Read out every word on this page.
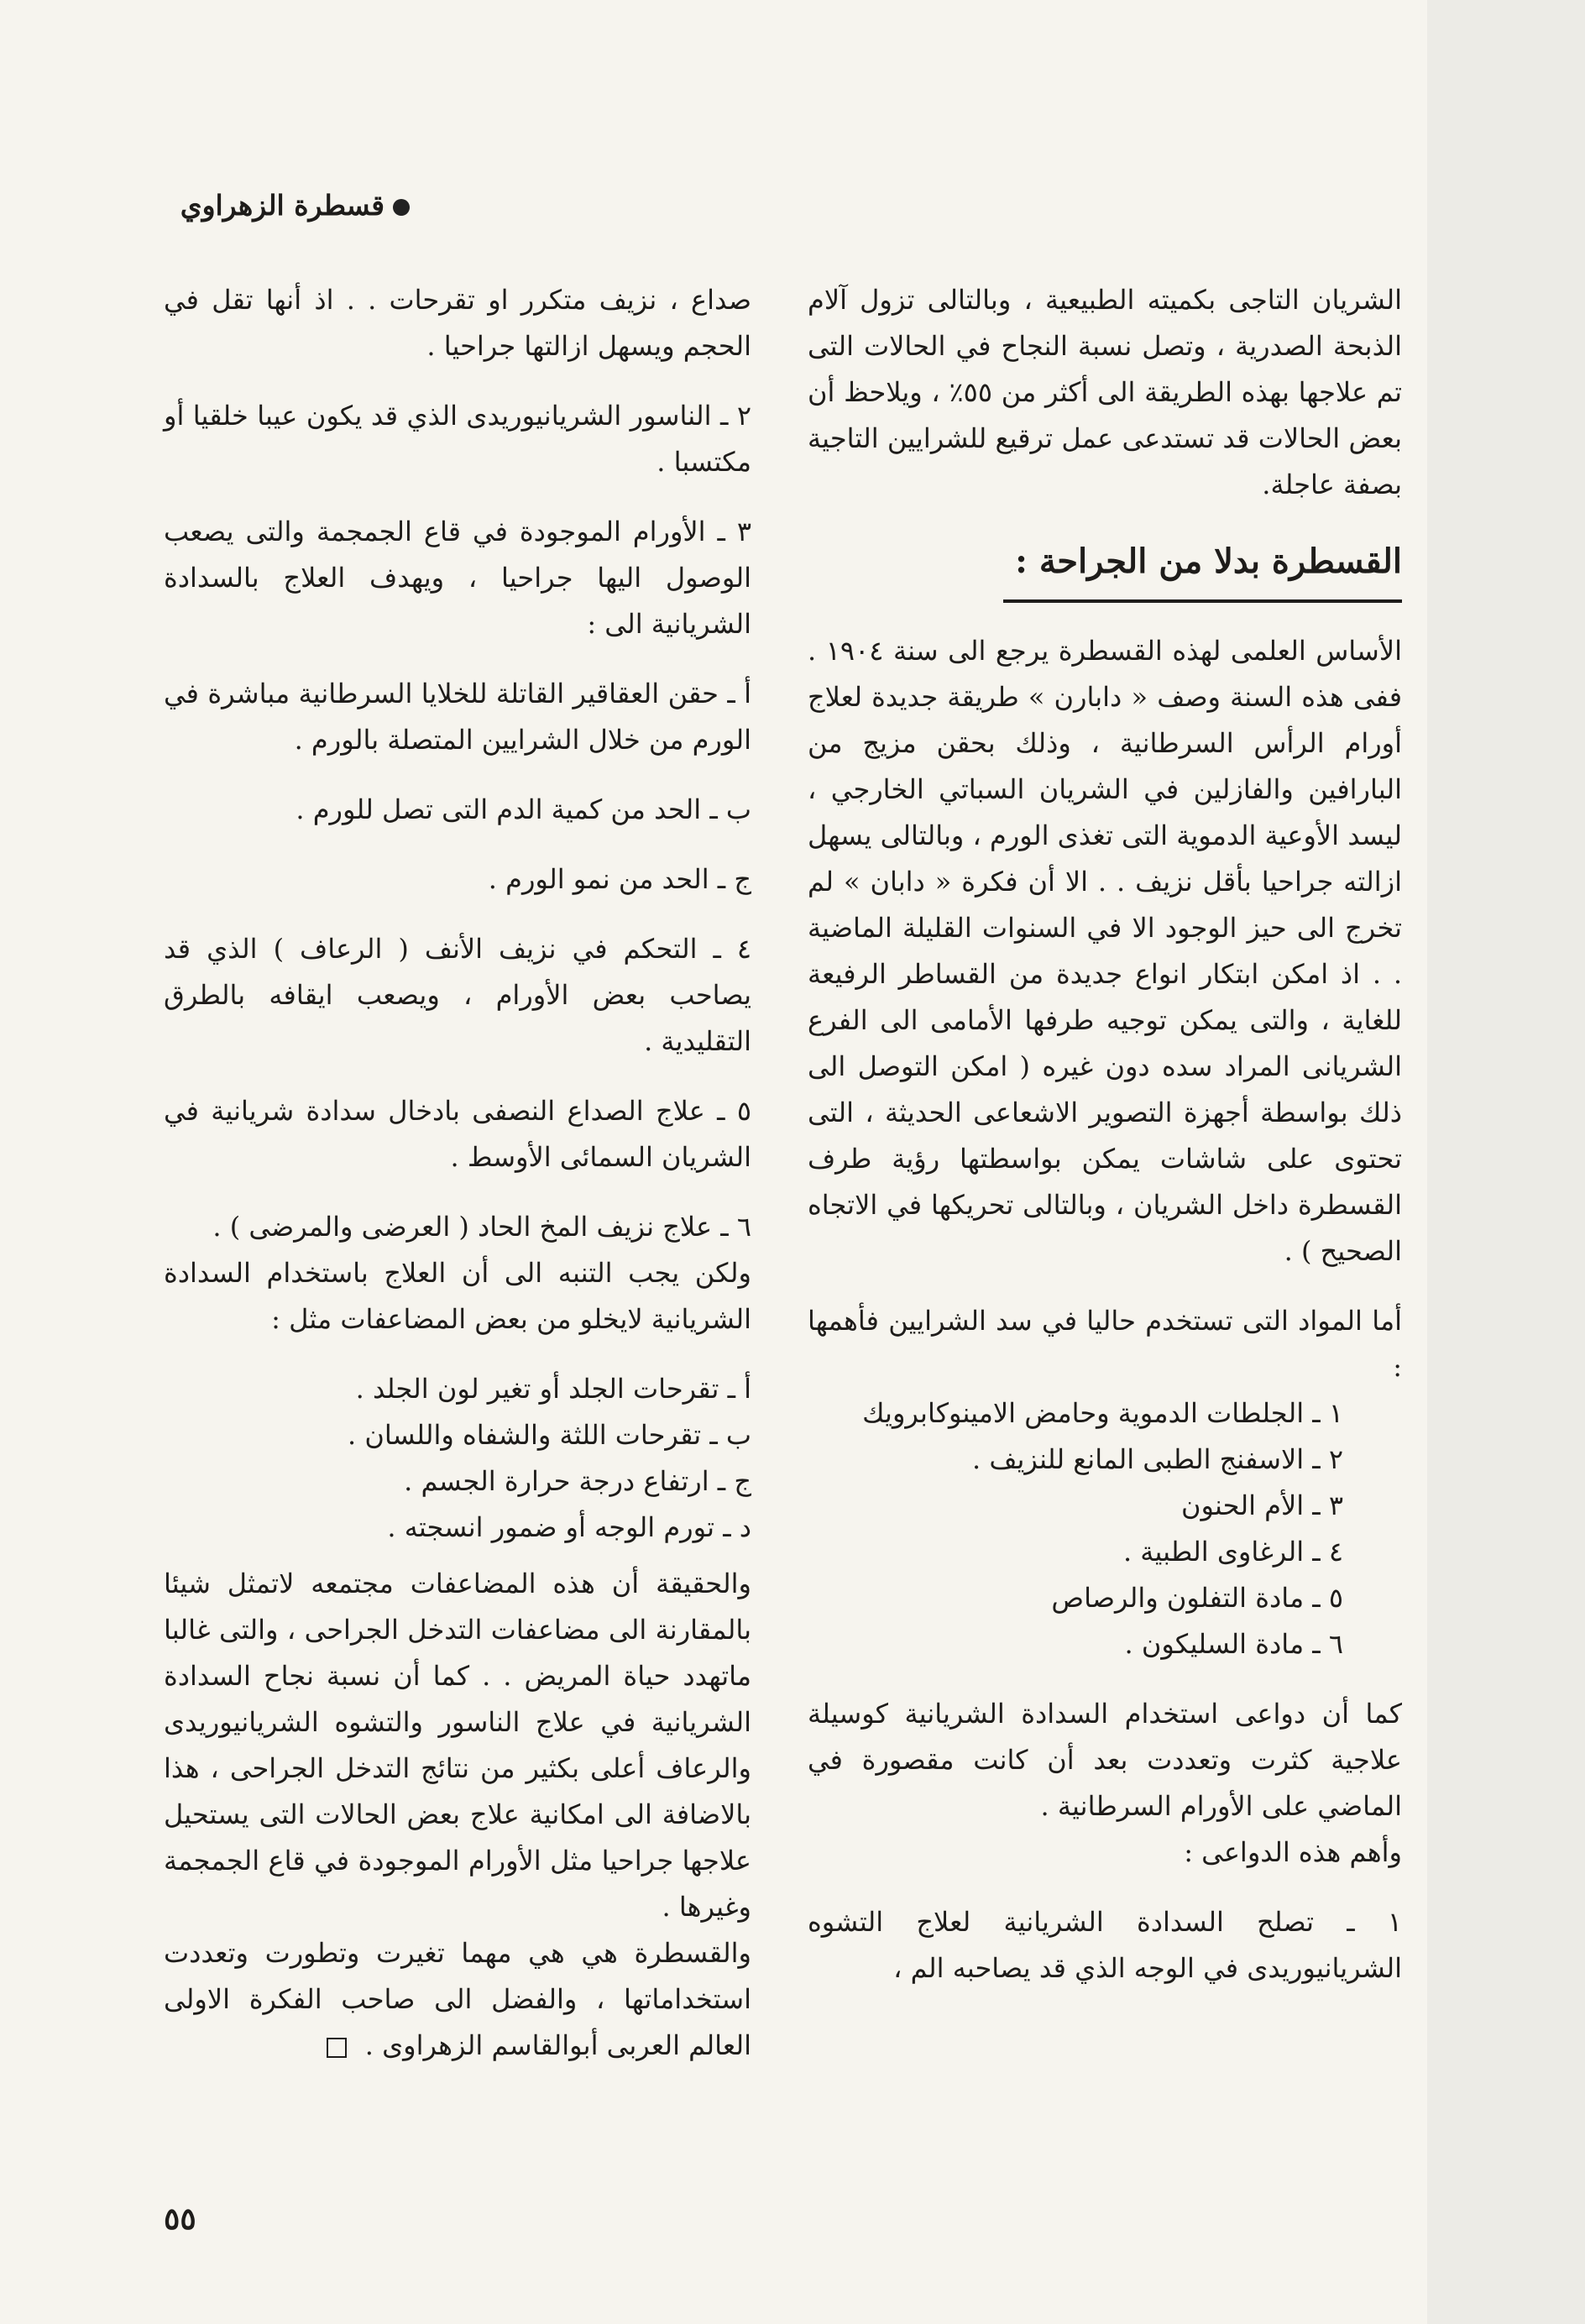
قسطرة الزهراوي

الشريان التاجى بكميته الطبيعية ، وبالتالى تزول آلام الذبحة الصدرية ، وتصل نسبة النجاح في الحالات التى تم علاجها بهذه الطريقة الى أكثر من ٥٥٪ ، ويلاحظ أن بعض الحالات قد تستدعى عمل ترقيع للشرايين التاجية بصفة عاجلة.

القسطرة بدلا من الجراحة :

الأساس العلمى لهذه القسطرة يرجع الى سنة ١٩٠٤ . ففى هذه السنة وصف « دابارن » طريقة جديدة لعلاج أورام الرأس السرطانية ، وذلك بحقن مزيج من البارافين والفازلين في الشريان السباتي الخارجي ، ليسد الأوعية الدموية التى تغذى الورم ، وبالتالى يسهل ازالته جراحيا بأقل نزيف . . الا أن فكرة « دابان » لم تخرج الى حيز الوجود الا في السنوات القليلة الماضية . . اذ امكن ابتكار انواع جديدة من القساطر الرفيعة للغاية ، والتى يمكن توجيه طرفها الأمامى الى الفرع الشريانى المراد سده دون غيره ( امكن التوصل الى ذلك بواسطة أجهزة التصوير الاشعاعى الحديثة ، التى تحتوى على شاشات يمكن بواسطتها رؤية طرف القسطرة داخل الشريان ، وبالتالى تحريكها في الاتجاه الصحيح ) .

أما المواد التى تستخدم حاليا في سد الشرايين فأهمها :

١ ـ الجلطات الدموية وحامض الامينوكابرويك
٢ ـ الاسفنج الطبى المانع للنزيف .
٣ ـ الأم الحنون
٤ ـ الرغاوى الطبية .
٥ ـ مادة التفلون والرصاص
٦ ـ مادة السليكون .

كما أن دواعى استخدام السدادة الشريانية كوسيلة علاجية كثرت وتعددت بعد أن كانت مقصورة في الماضي على الأورام السرطانية .

وأهم هذه الدواعى :

١ ـ تصلح السدادة الشريانية لعلاج التشوه الشريانيوريدى في الوجه الذي قد يصاحبه الم ،

صداع ، نزيف متكرر او تقرحات . . اذ أنها تقل في الحجم ويسهل ازالتها جراحيا .

٢ ـ الناسور الشريانيوريدى الذي قد يكون عيبا خلقيا أو مكتسبا .

٣ ـ الأورام الموجودة في قاع الجمجمة والتى يصعب الوصول اليها جراحيا ، ويهدف العلاج بالسدادة الشريانية الى :

أ ـ حقن العقاقير القاتلة للخلايا السرطانية مباشرة في الورم من خلال الشرايين المتصلة بالورم .

ب ـ الحد من كمية الدم التى تصل للورم .

ج ـ الحد من نمو الورم .

٤ ـ التحكم في نزيف الأنف ( الرعاف ) الذي قد يصاحب بعض الأورام ، ويصعب ايقافه بالطرق التقليدية .

٥ ـ علاج الصداع النصفى بادخال سدادة شريانية في الشريان السمائى الأوسط .

٦ ـ علاج نزيف المخ الحاد ( العرضى والمرضى ) .

ولكن يجب التنبه الى أن العلاج باستخدام السدادة الشريانية لايخلو من بعض المضاعفات مثل :

أ ـ تقرحات الجلد أو تغير لون الجلد .
ب ـ تقرحات اللثة والشفاه واللسان .
ج ـ ارتفاع درجة حرارة الجسم .
د ـ تورم الوجه أو ضمور انسجته .

والحقيقة أن هذه المضاعفات مجتمعه لاتمثل شيئا بالمقارنة الى مضاعفات التدخل الجراحى ، والتى غالبا ماتهدد حياة المريض . . كما أن نسبة نجاح السدادة الشريانية في علاج الناسور والتشوه الشريانيوريدى والرعاف أعلى بكثير من نتائج التدخل الجراحى ، هذا بالاضافة الى امكانية علاج بعض الحالات التى يستحيل علاجها جراحيا مثل الأورام الموجودة في قاع الجمجمة وغيرها .

والقسطرة هي هي مهما تغيرت وتطورت وتعددت استخداماتها ، والفضل الى صاحب الفكرة الاولى العالم العربى أبوالقاسم الزهراوى .

٥٥
